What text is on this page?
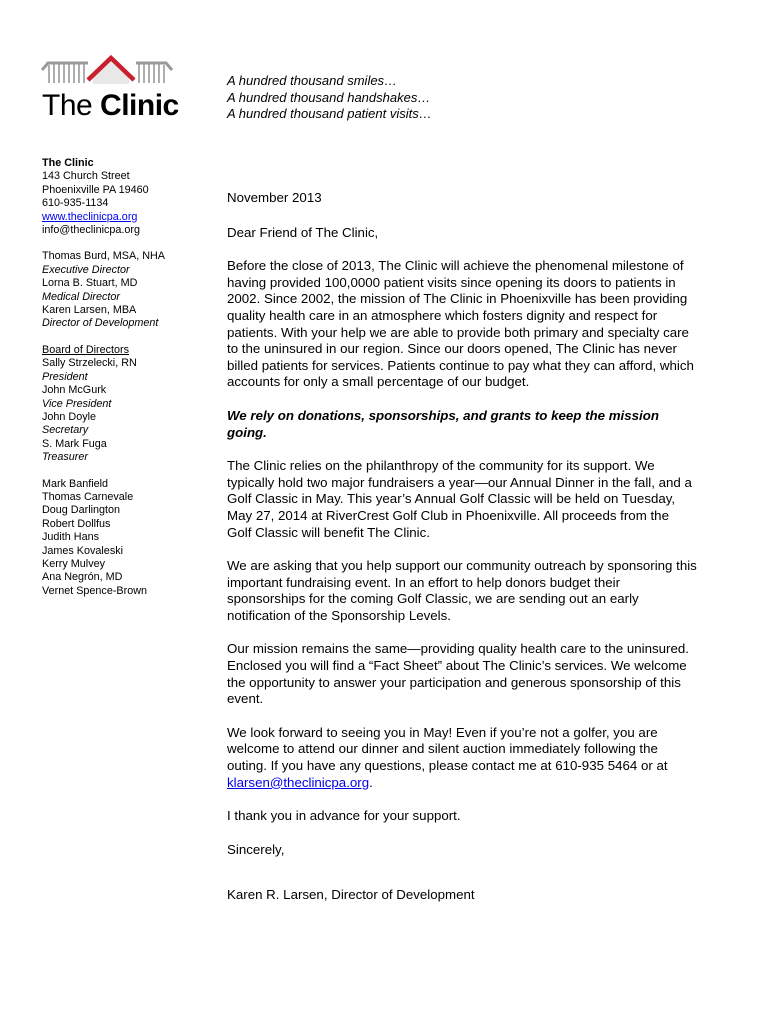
The Clinic
A hundred thousand smiles…
A hundred thousand handshakes…
A hundred thousand patient visits…
The Clinic
143 Church Street
Phoenixville PA 19460
610-935-1134
www.theclinicpa.org
info@theclinicpa.org
Thomas Burd, MSA, NHA
Executive Director
Lorna B. Stuart, MD
Medical Director
Karen Larsen, MBA
Director of Development
Board of Directors
Sally Strzelecki, RN
President
John McGurk
Vice President
John Doyle
Secretary
S. Mark Fuga
Treasurer
Mark Banfield
Thomas Carnevale
Doug Darlington
Robert Dollfus
Judith Hans
James Kovaleski
Kerry Mulvey
Ana Negrón, MD
Vernet Spence-Brown

November 2013

Dear Friend of The Clinic,

Before the close of 2013, The Clinic will achieve the phenomenal milestone of having provided 100,0000 patient visits since opening its doors to patients in 2002. Since 2002, the mission of The Clinic in Phoenixville has been providing quality health care in an atmosphere which fosters dignity and respect for patients. With your help we are able to provide both primary and specialty care to the uninsured in our region. Since our doors opened, The Clinic has never billed patients for services. Patients continue to pay what they can afford, which accounts for only a small percentage of our budget.

We rely on donations, sponsorships, and grants to keep the mission going.

The Clinic relies on the philanthropy of the community for its support. We typically hold two major fundraisers a year—our Annual Dinner in the fall, and a Golf Classic in May. This year’s Annual Golf Classic will be held on Tuesday, May 27, 2014 at RiverCrest Golf Club in Phoenixville. All proceeds from the Golf Classic will benefit The Clinic.

We are asking that you help support our community outreach by sponsoring this important fundraising event. In an effort to help donors budget their sponsorships for the coming Golf Classic, we are sending out an early notification of the Sponsorship Levels.

Our mission remains the same—providing quality health care to the uninsured. Enclosed you will find a “Fact Sheet” about The Clinic’s services. We welcome the opportunity to answer your participation and generous sponsorship of this event.

We look forward to seeing you in May! Even if you’re not a golfer, you are welcome to attend our dinner and silent auction immediately following the outing. If you have any questions, please contact me at 610-935 5464 or at klarsen@theclinicpa.org.

I thank you in advance for your support.

Sincerely,

Karen R. Larsen, Director of Development
